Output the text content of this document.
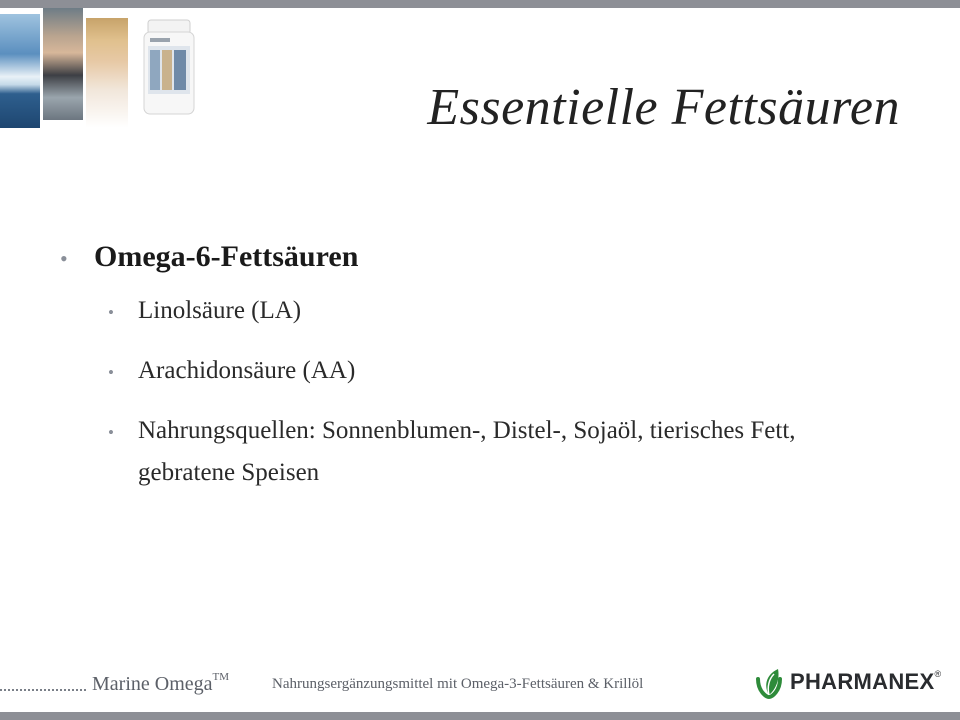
Essentielle Fettsäuren
• Omega-6-Fettsäuren
• Linolsäure (LA)
• Arachidonsäure (AA)
• Nahrungsquellen: Sonnenblumen-, Distel-, Sojaöl, tierisches Fett, gebratene Speisen
Marine Omega™	Nahrungsergänzungsmittel mit Omega-3-Fettsäuren & Krillöl	PHARMANEX ®
